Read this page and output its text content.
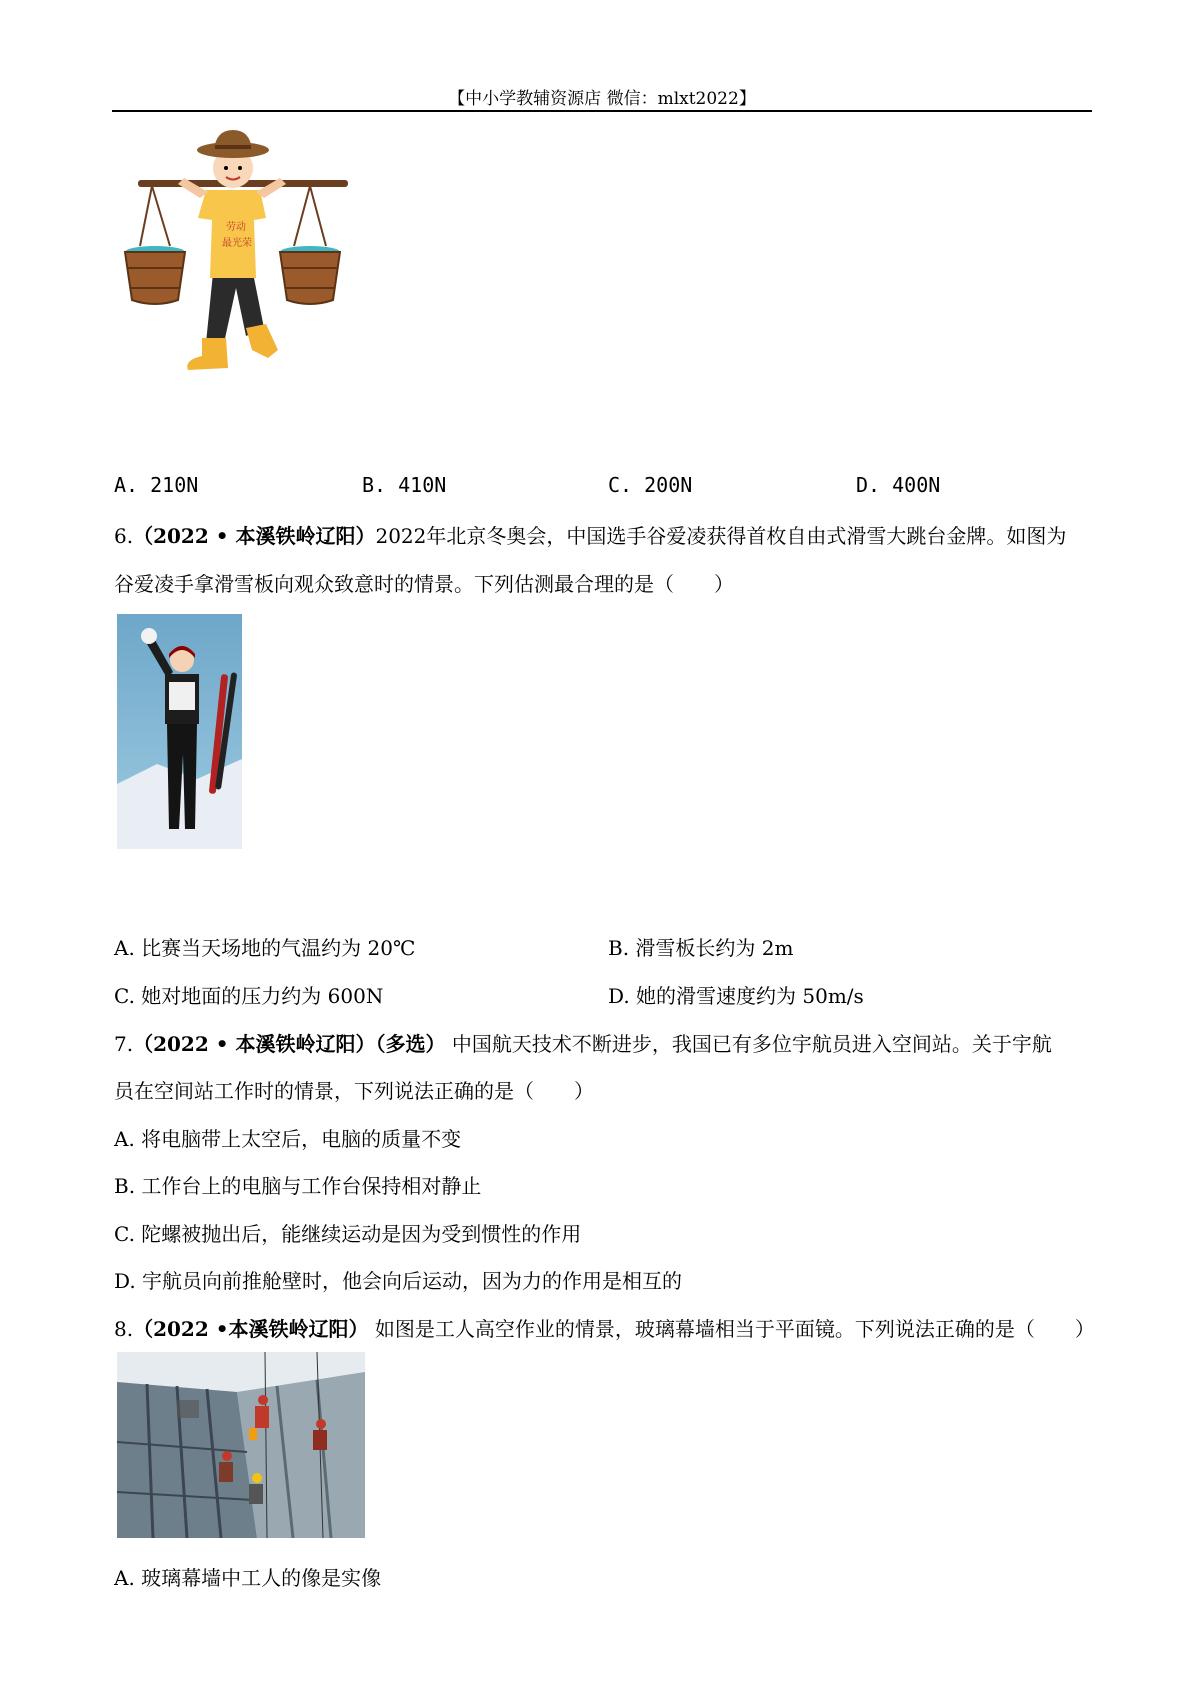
【中小学教辅资源店 微信：mlxt2022】
劳动
最光荣
A. 210N	B. 410N	C. 200N	D. 400N
6.（2022 • 本溪铁岭辽阳）2022年北京冬奥会，中国选手谷爱凌获得首枚自由式滑雪大跳台金牌。如图为
谷爱凌手拿滑雪板向观众致意时的情景。下列估测最合理的是（　　）
A. 比赛当天场地的气温约为 20℃	B. 滑雪板长约为 2m
C. 她对地面的压力约为 600N	D. 她的滑雪速度约为 50m/s
7.（2022 • 本溪铁岭辽阳）（多选） 中国航天技术不断进步，我国已有多位宇航员进入空间站。关于宇航
员在空间站工作时的情景，下列说法正确的是（　　）
A. 将电脑带上太空后，电脑的质量不变
B. 工作台上的电脑与工作台保持相对静止
C. 陀螺被抛出后，能继续运动是因为受到惯性的作用
D. 宇航员向前推舱壁时，他会向后运动，因为力的作用是相互的
8.（2022 •本溪铁岭辽阳） 如图是工人高空作业的情景，玻璃幕墙相当于平面镜。下列说法正确的是（　　）
A. 玻璃幕墙中工人的像是实像
